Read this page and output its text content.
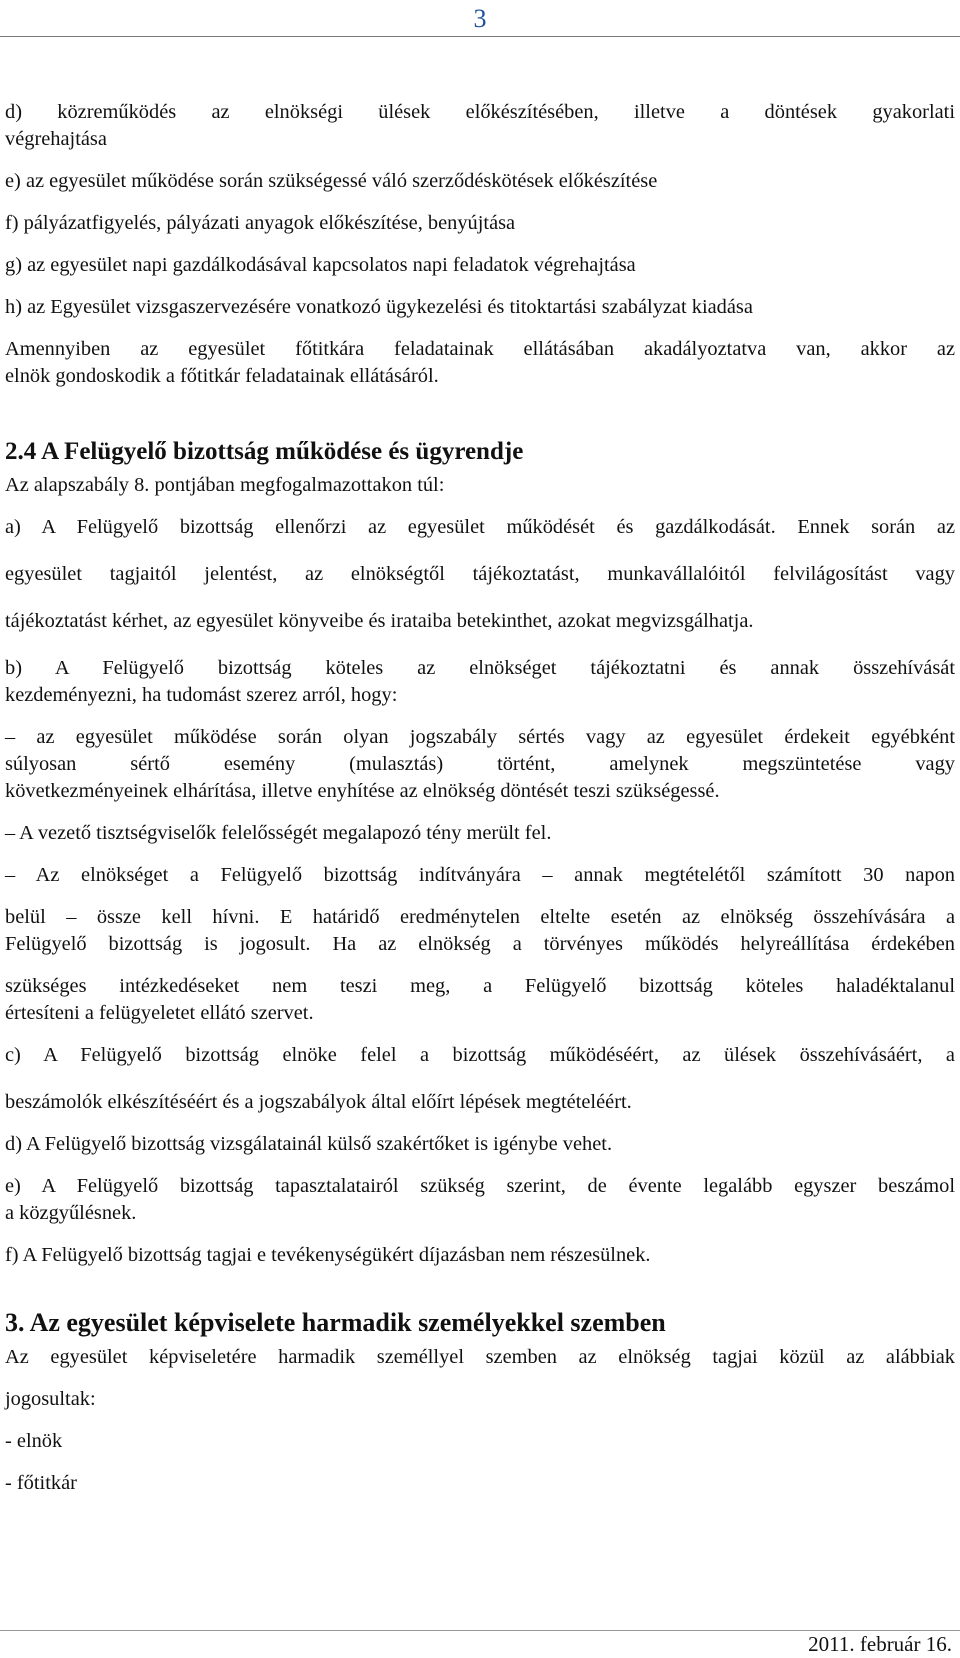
3
d) közreműködés az elnökségi ülések előkészítésében, illetve a döntések gyakorlati
végrehajtása
e) az egyesület működése során szükségessé váló szerződéskötések előkészítése
f) pályázatfigyelés, pályázati anyagok előkészítése, benyújtása
g) az egyesület napi gazdálkodásával kapcsolatos napi feladatok végrehajtása
h) az Egyesület vizsgaszervezésére vonatkozó ügykezelési és titoktartási szabályzat kiadása
Amennyiben az egyesület főtitkára feladatainak ellátásában akadályoztatva van, akkor az
elnök gondoskodik a főtitkár feladatainak ellátásáról.
2.4 A Felügyelő bizottság működése és ügyrendje
Az alapszabály 8. pontjában megfogalmazottakon túl:
a) A Felügyelő bizottság ellenőrzi az egyesület működését és gazdálkodását. Ennek során az
egyesület tagjaitól jelentést, az elnökségtől tájékoztatást, munkavállalóitól felvilágosítást vagy
tájékoztatást kérhet, az egyesület könyveibe és irataiba betekinthet, azokat megvizsgálhatja.
b) A Felügyelő bizottság köteles az elnökséget tájékoztatni és annak összehívását
kezdeményezni, ha tudomást szerez arról, hogy:
– az egyesület működése során olyan jogszabály sértés vagy az egyesület érdekeit egyébként
súlyosan sértő esemény (mulasztás) történt, amelynek megszüntetése vagy
következményeinek elhárítása, illetve enyhítése az elnökség döntését teszi szükségessé.
– A vezető tisztségviselők felelősségét megalapozó tény merült fel.
– Az elnökséget a Felügyelő bizottság indítványára – annak megtételétől számított 30 napon
belül – össze kell hívni. E határidő eredménytelen eltelte esetén az elnökség összehívására a
Felügyelő bizottság is jogosult. Ha az elnökség a törvényes működés helyreállítása érdekében
szükséges intézkedéseket nem teszi meg, a Felügyelő bizottság köteles haladéktalanul
értesíteni a felügyeletet ellátó szervet.
c) A Felügyelő bizottság elnöke felel a bizottság működéséért, az ülések összehívásáért, a
beszámolók elkészítéséért és a jogszabályok által előírt lépések megtételéért.
d) A Felügyelő bizottság vizsgálatainál külső szakértőket is igénybe vehet.
e) A Felügyelő bizottság tapasztalatairól szükség szerint, de évente legalább egyszer beszámol
a közgyűlésnek.
f) A Felügyelő bizottság tagjai e tevékenységükért díjazásban nem részesülnek.
3. Az egyesület képviselete harmadik személyekkel szemben
Az egyesület képviseletére harmadik személlyel szemben az elnökség tagjai közül az alábbiak
jogosultak:
- elnök
- főtitkár
2011. február 16.
